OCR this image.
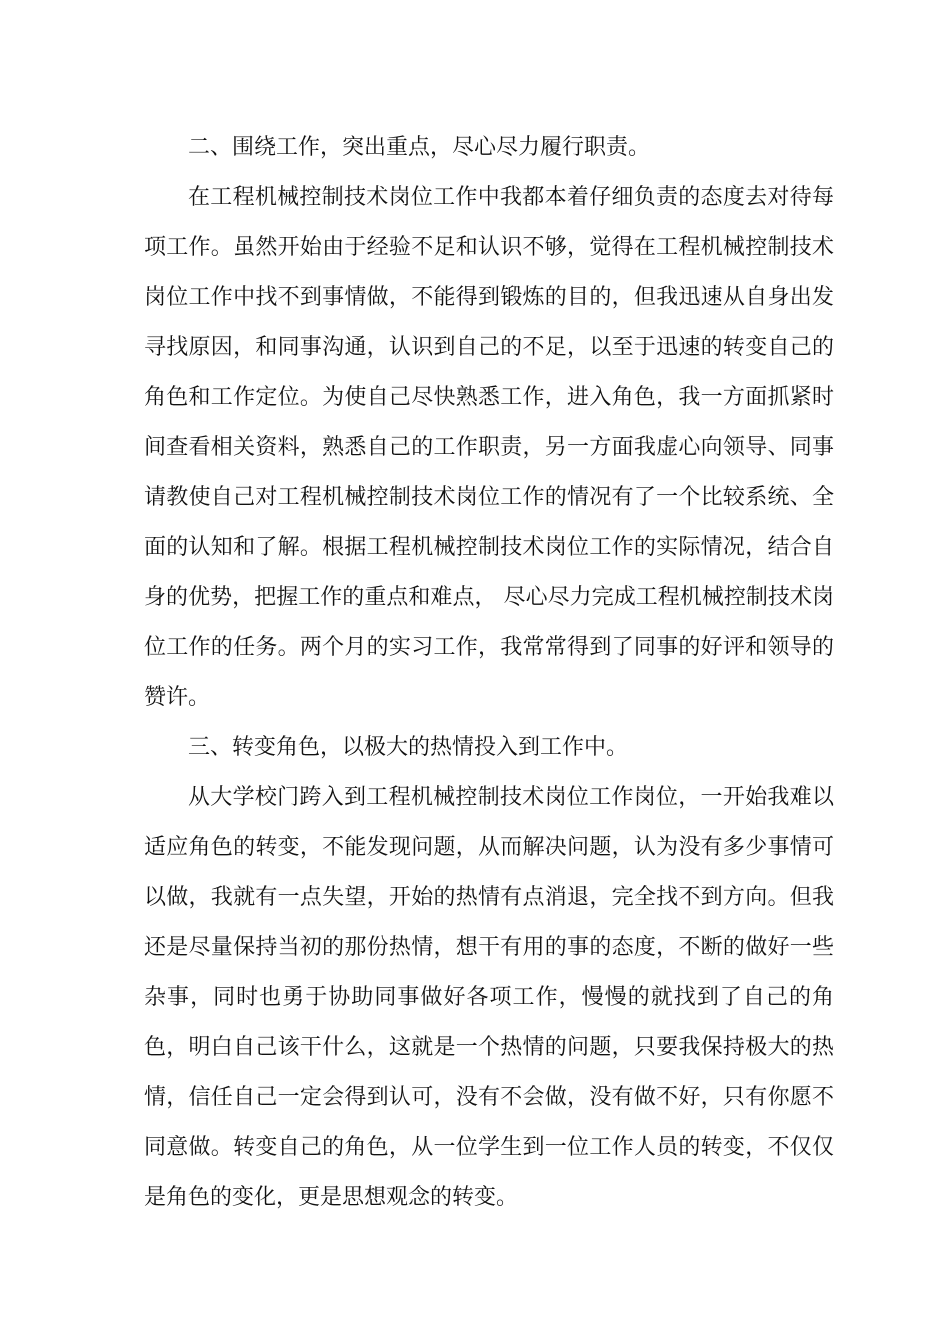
二、围绕工作，突出重点，尽心尽力履行职责。

在工程机械控制技术岗位工作中我都本着仔细负责的态度去对待每项工作。虽然开始由于经验不足和认识不够，觉得在工程机械控制技术岗位工作中找不到事情做，不能得到锻炼的目的，但我迅速从自身出发寻找原因，和同事沟通，认识到自己的不足，以至于迅速的转变自己的角色和工作定位。为使自己尽快熟悉工作，进入角色，我一方面抓紧时间查看相关资料，熟悉自己的工作职责，另一方面我虚心向领导、同事请教使自己对工程机械控制技术岗位工作的情况有了一个比较系统、全面的认知和了解。根据工程机械控制技术岗位工作的实际情况，结合自身的优势，把握工作的重点和难点， 尽心尽力完成工程机械控制技术岗位工作的任务。两个月的实习工作，我常常得到了同事的好评和领导的赞许。

三、转变角色，以极大的热情投入到工作中。

从大学校门跨入到工程机械控制技术岗位工作岗位，一开始我难以适应角色的转变，不能发现问题，从而解决问题，认为没有多少事情可以做，我就有一点失望，开始的热情有点消退，完全找不到方向。但我还是尽量保持当初的那份热情，想干有用的事的态度，不断的做好一些杂事，同时也勇于协助同事做好各项工作，慢慢的就找到了自己的角色，明白自己该干什么，这就是一个热情的问题，只要我保持极大的热情，信任自己一定会得到认可，没有不会做，没有做不好，只有你愿不同意做。转变自己的角色，从一位学生到一位工作人员的转变，不仅仅是角色的变化，更是思想观念的转变。
